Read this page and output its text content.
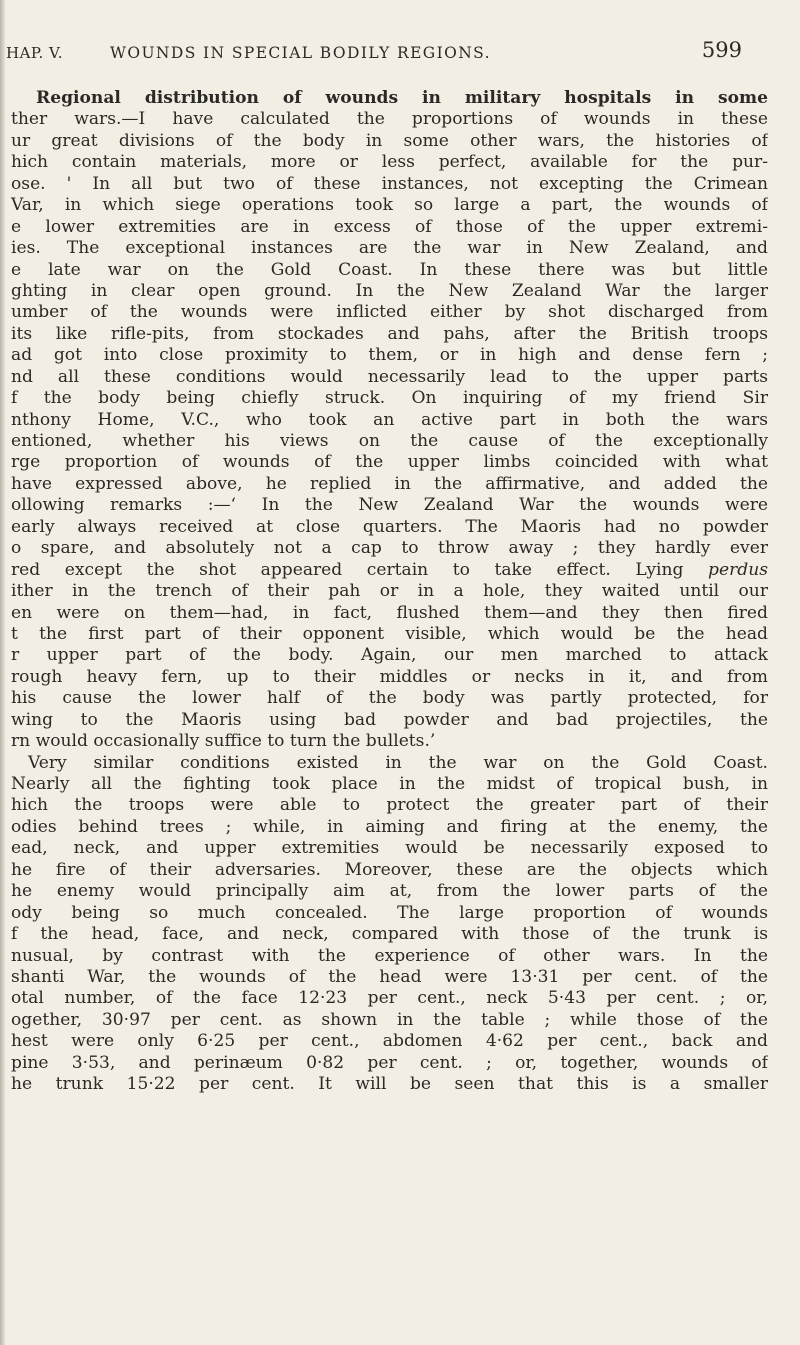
HAP. V.	WOUNDS IN SPECIAL BODILY REGIONS.	599
Regional distribution of wounds in military hospitals in some
ther wars.—I have calculated the proportions of wounds in these
ur great divisions of the body in some other wars, the histories of
hich contain materials, more or less perfect, available for the pur-
ose. ' In all but two of these instances, not excepting the Crimean
Var, in which siege operations took so large a part, the wounds of
e lower extremities are in excess of those of the upper extremi-
ies. The exceptional instances are the war in New Zealand, and
e late war on the Gold Coast. In these there was but little
ghting in clear open ground. In the New Zealand War the larger
umber of the wounds were inflicted either by shot discharged from
its like rifle-pits, from stockades and pahs, after the British troops
ad got into close proximity to them, or in high and dense fern ;
nd all these conditions would necessarily lead to the upper parts
f the body being chiefly struck. On inquiring of my friend Sir
nthony Home, V.C., who took an active part in both the wars
entioned, whether his views on the cause of the exceptionally
rge proportion of wounds of the upper limbs coincided with what
have expressed above, he replied in the affirmative, and added the
ollowing remarks :—‘ In the New Zealand War the wounds were
early always received at close quarters. The Maoris had no powder
o spare, and absolutely not a cap to throw away ; they hardly ever
red except the shot appeared certain to take effect. Lying perdus
ither in the trench of their pah or in a hole, they waited until our
en were on them—had, in fact, flushed them—and they then fired
t the first part of their opponent visible, which would be the head
r upper part of the body. Again, our men marched to attack
rough heavy fern, up to their middles or necks in it, and from
his cause the lower half of the body was partly protected, for
wing to the Maoris using bad powder and bad projectiles, the
rn would occasionally suffice to turn the bullets.’
Very similar conditions existed in the war on the Gold Coast.
Nearly all the fighting took place in the midst of tropical bush, in
hich the troops were able to protect the greater part of their
odies behind trees ; while, in aiming and firing at the enemy, the
ead, neck, and upper extremities would be necessarily exposed to
he fire of their adversaries. Moreover, these are the objects which
he enemy would principally aim at, from the lower parts of the
ody being so much concealed. The large proportion of wounds
f the head, face, and neck, compared with those of the trunk is
nusual, by contrast with the experience of other wars. In the
shanti War, the wounds of the head were 13·31 per cent. of the
otal number, of the face 12·23 per cent., neck 5·43 per cent. ; or,
ogether, 30·97 per cent. as shown in the table ; while those of the
hest were only 6·25 per cent., abdomen 4·62 per cent., back and
pine 3·53, and perinæum 0·82 per cent. ; or, together, wounds of
he trunk 15·22 per cent. It will be seen that this is a smaller
